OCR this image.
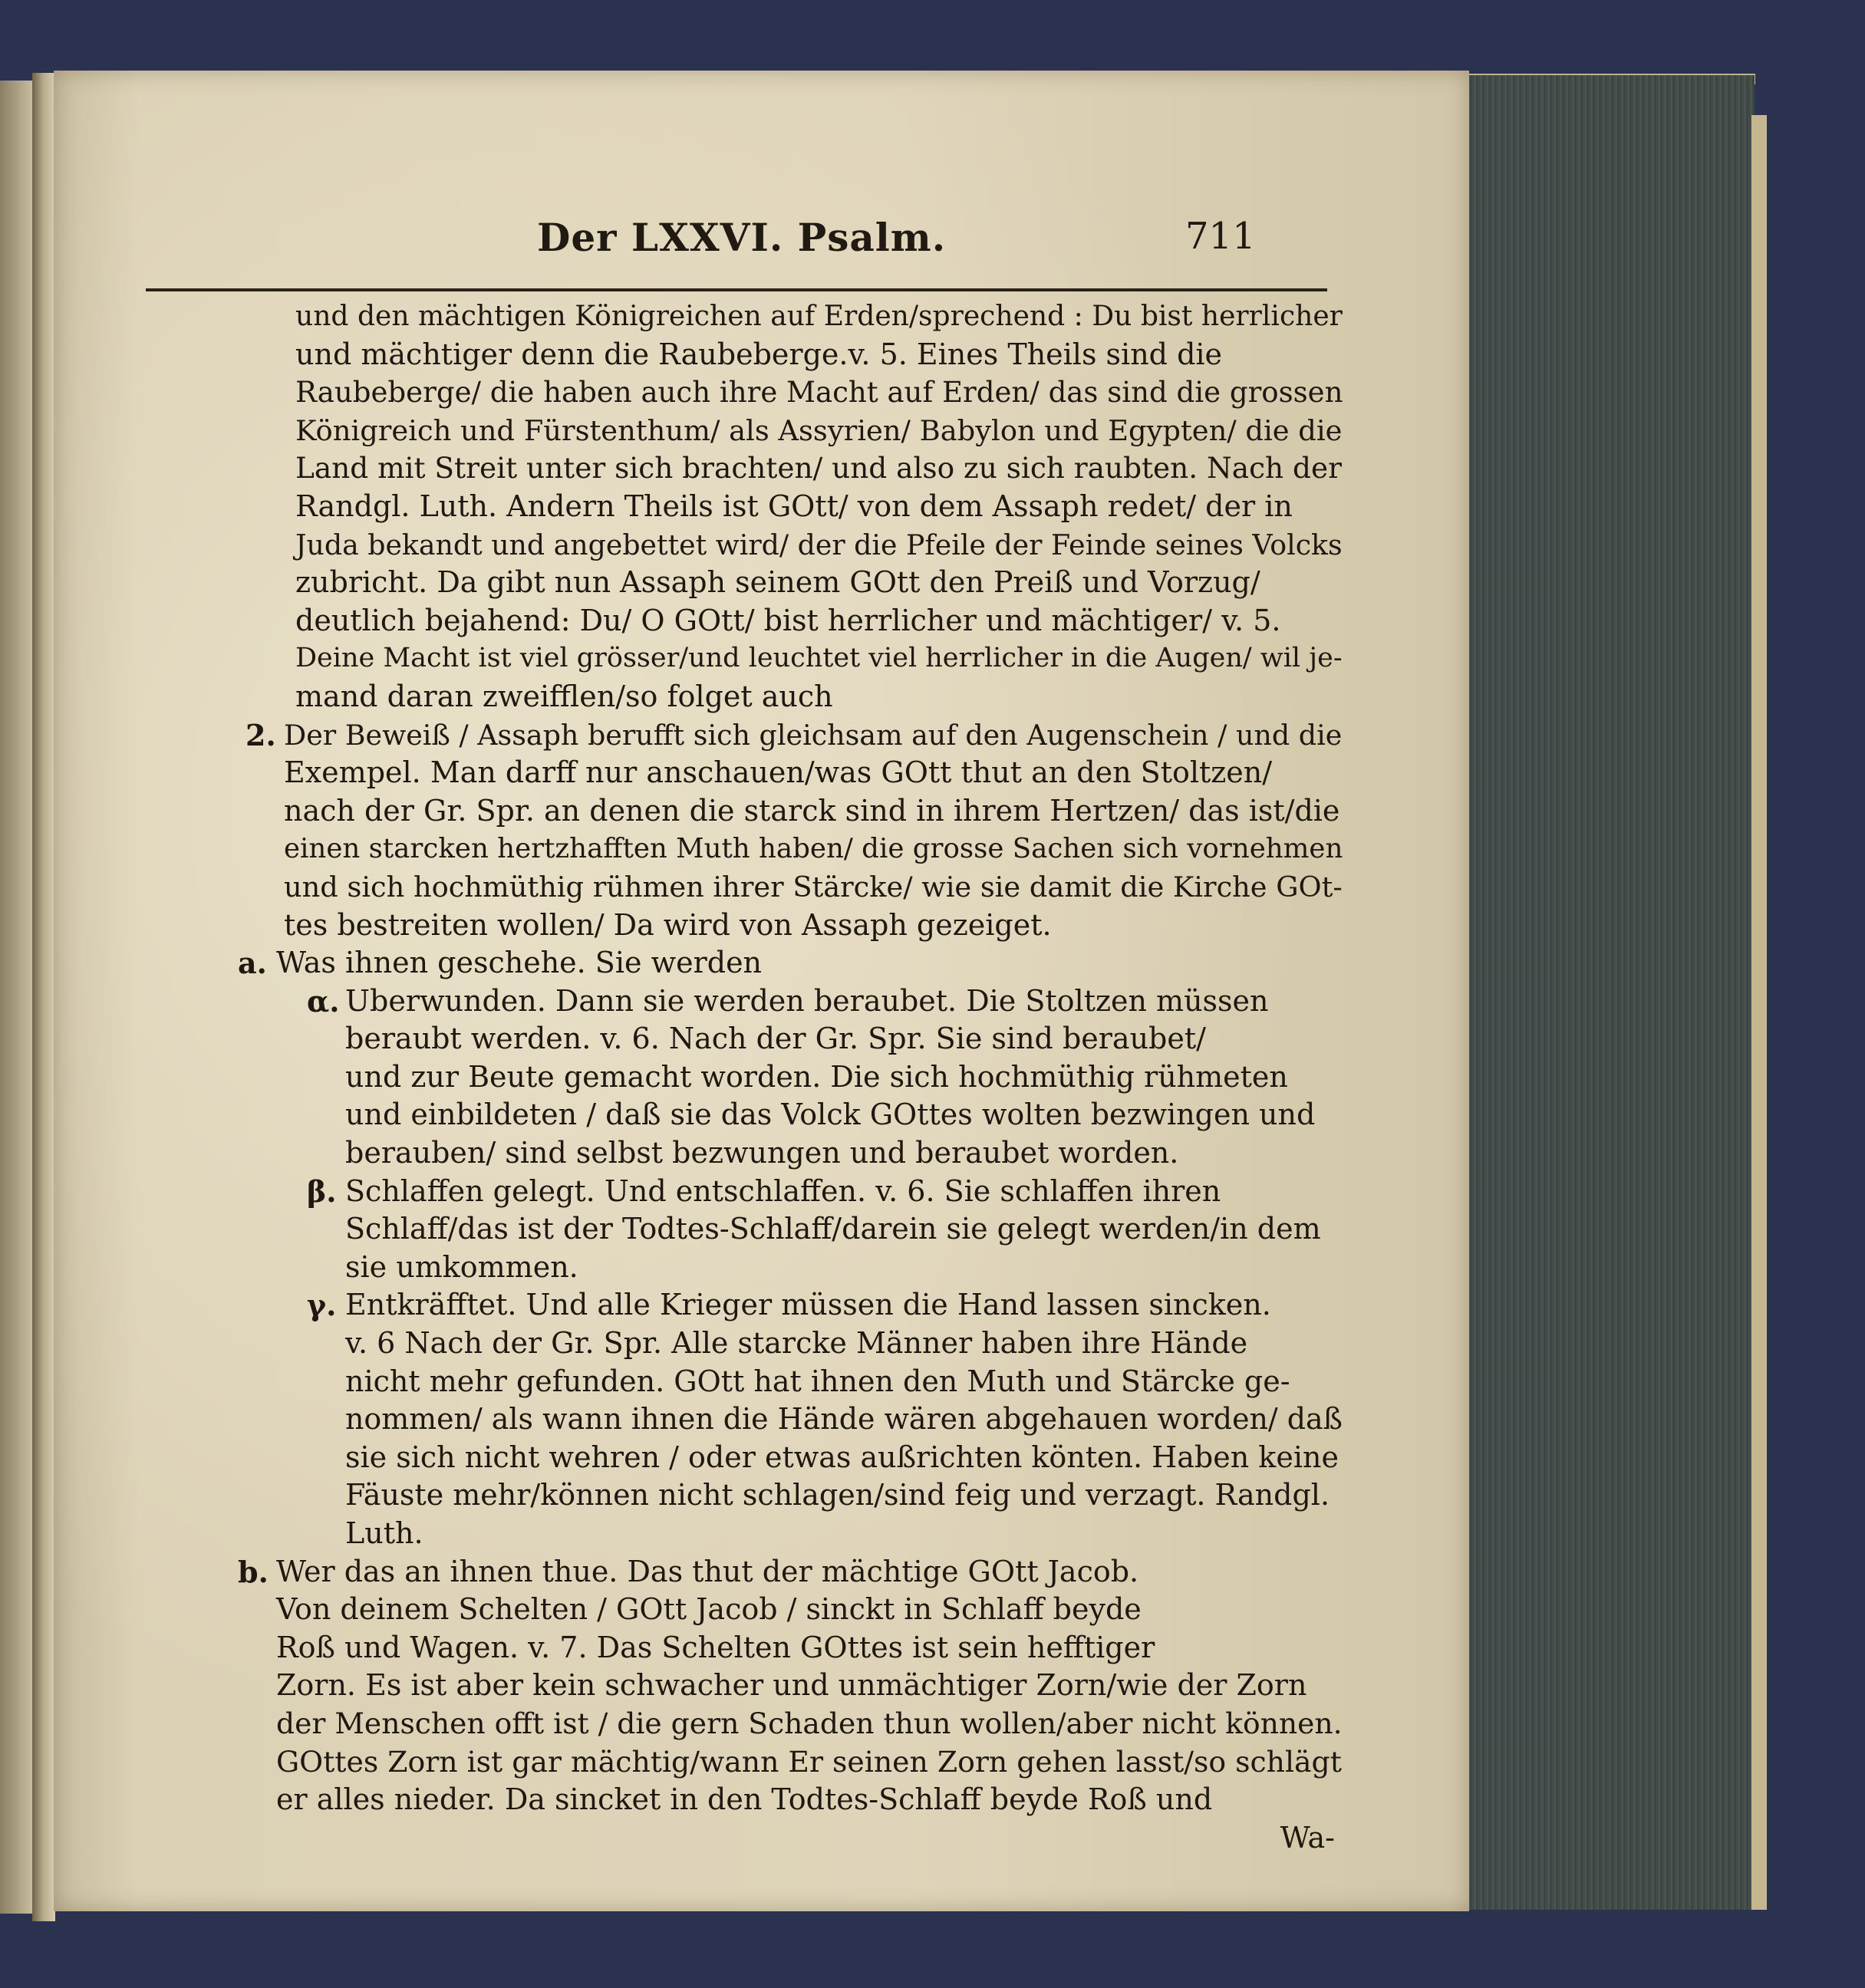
Der LXXVI. Psalm.	711

und den mächtigen Königreichen auf Erden/sprechend : Du bist herrlicher
und mächtiger denn die Raubeberge.v. 5. Eines Theils sind die
Raubeberge/ die haben auch ihre Macht auf Erden/ das sind die grossen
Königreich und Fürstenthum/ als Assyrien/ Babylon und Egypten/ die die
Land mit Streit unter sich brachten/ und also zu sich raubten. Nach der
Randgl. Luth. Andern Theils ist GOtt/ von dem Assaph redet/ der in
Juda bekandt und angebettet wird/ der die Pfeile der Feinde seines Volcks
zubricht. Da gibt nun Assaph seinem GOtt den Preiß und Vorzug/
deutlich bejahend: Du/ O GOtt/ bist herrlicher und mächtiger/ v. 5.
Deine Macht ist viel grösser/und leuchtet viel herrlicher in die Augen/ wil je-
mand daran zweifflen/so folget auch
2. Der Beweiß / Assaph berufft sich gleichsam auf den Augenschein / und die
Exempel. Man darff nur anschauen/was GOtt thut an den Stoltzen/
nach der Gr. Spr. an denen die starck sind in ihrem Hertzen/ das ist/die
einen starcken hertzhafften Muth haben/ die grosse Sachen sich vornehmen
und sich hochmüthig rühmen ihrer Stärcke/ wie sie damit die Kirche GOt-
tes bestreiten wollen/ Da wird von Assaph gezeiget.
a. Was ihnen geschehe. Sie werden
α. Uberwunden. Dann sie werden beraubet. Die Stoltzen müssen
beraubt werden. v. 6. Nach der Gr. Spr. Sie sind beraubet/
und zur Beute gemacht worden. Die sich hochmüthig rühmeten
und einbildeten / daß sie das Volck GOttes wolten bezwingen und
berauben/ sind selbst bezwungen und beraubet worden.
β. Schlaffen gelegt. Und entschlaffen. v. 6. Sie schlaffen ihren
Schlaff/das ist der Todtes-Schlaff/darein sie gelegt werden/in dem
sie umkommen.
γ. Entkräfftet. Und alle Krieger müssen die Hand lassen sincken.
v. 6 Nach der Gr. Spr. Alle starcke Männer haben ihre Hände
nicht mehr gefunden. GOtt hat ihnen den Muth und Stärcke ge-
nommen/ als wann ihnen die Hände wären abgehauen worden/ daß
sie sich nicht wehren / oder etwas außrichten könten. Haben keine
Fäuste mehr/können nicht schlagen/sind feig und verzagt. Randgl.
Luth.
b. Wer das an ihnen thue. Das thut der mächtige GOtt Jacob.
Von deinem Schelten / GOtt Jacob / sinckt in Schlaff beyde
Roß und Wagen. v. 7. Das Schelten GOttes ist sein hefftiger
Zorn. Es ist aber kein schwacher und unmächtiger Zorn/wie der Zorn
der Menschen offt ist / die gern Schaden thun wollen/aber nicht können.
GOttes Zorn ist gar mächtig/wann Er seinen Zorn gehen lasst/so schlägt
er alles nieder. Da sincket in den Todtes-Schlaff beyde Roß und
Wa-
